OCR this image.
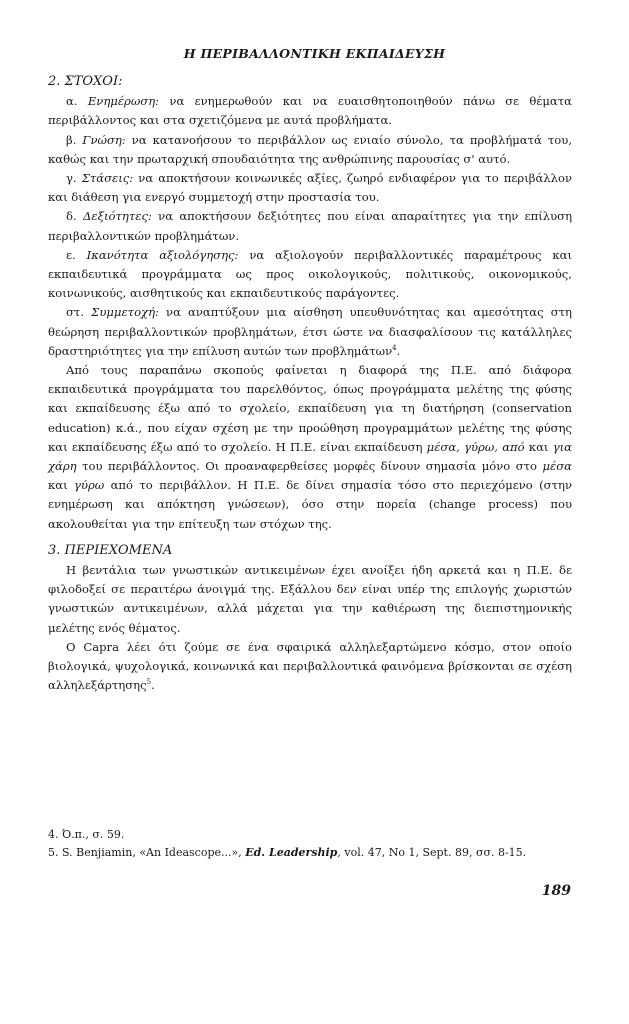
Η ΠΕΡΙΒΑΛΛΟΝΤΙΚΗ ΕΚΠΑΙΔΕΥΣΗ
2. ΣΤΟΧΟΙ:

α. Ενημέρωση: να ενημερωθούν και να ευαισθητοποιηθούν πάνω σε θέματα περιβάλλοντος και στα σχετιζόμενα με αυτά προβλήματα.

β. Γνώση: να κατανοήσουν το περιβάλλον ως ενιαίο σύνολο, τα προβλήματά του, καθώς και την πρωταρχική σπουδαιότητα της ανθρώπινης παρουσίας σ' αυτό.

γ. Στάσεις: να αποκτήσουν κοινωνικές αξίες, ζωηρό ενδιαφέρον για το περιβάλλον και διάθεση για ενεργό συμμετοχή στην προστασία του.

δ. Δεξιότητες: να αποκτήσουν δεξιότητες που είναι απαραίτητες για την επίλυση περιβαλλοντικών προβλημάτων.

ε. Ικανότητα αξιολόγησης: να αξιολογούν περιβαλλοντικές παραμέτρους και εκπαιδευτικά προγράμματα ως προς οικολογικούς, πολιτικούς, οικονομικούς, κοινωνικούς, αισθητικούς και εκπαιδευτικούς παράγοντες.

στ. Συμμετοχή: να αναπτύξουν μια αίσθηση υπευθυνότητας και αμεσότητας στη θεώρηση περιβαλλοντικών προβλημάτων, έτσι ώστε να διασφαλίσουν τις κατάλληλες δραστηριότητες για την επίλυση αυτών των προβλημάτων$^4$.

Από τους παραπάνω σκοπούς φαίνεται η διαφορά της Π.Ε. από διάφορα εκπαιδευτικά προγράμματα του παρελθόντος, όπως προγράμματα μελέτης της φύσης και εκπαίδευσης έξω από το σχολείο, εκπαίδευση για τη διατήρηση (conservation education) κ.ά., που είχαν σχέση με την προώθηση προγραμμάτων μελέτης της φύσης και εκπαίδευσης έξω από το σχολείο. Η Π.Ε. είναι εκπαίδευση μέσα, γύρω, από και για χάρη του περιβάλλοντος. Οι προαναφερθείσες μορφές δίνουν σημασία μόνο στο μέσα και γύρω από το περιβάλλον. Η Π.Ε. δε δίνει σημασία τόσο στο περιεχόμενο (στην ενημέρωση και απόκτηση γνώσεων), όσο στην πορεία (change process) που ακολουθείται για την επίτευξη των στόχων της.

3. ΠΕΡΙΕΧΟΜΕΝΑ

Η βεντάλια των γνωστικών αντικειμένων έχει ανοίξει ήδη αρκετά και η Π.Ε. δε φιλοδοξεί σε περαιτέρω άνοιγμά της. Εξάλλου δεν είναι υπέρ της επιλογής χωριστών γνωστικών αντικειμένων, αλλά μάχεται για την καθιέρωση της διεπιστημονικής μελέτης ενός θέματος.

Ο Capra λέει ότι ζούμε σε ένα σφαιρικά αλληλεξαρτώμενο κόσμο, στον οποίο βιολογικά, ψυχολογικά, κοινωνικά και περιβαλλοντικά φαινόμενα βρίσκονται σε σχέση αλληλεξάρτησης$^5$.

4. Ό.π., σ. 59.
5. S. Benjiamin, «An Ideascope...», Ed. Leadership, vol. 47, No 1, Sept. 89, σσ. 8-15.
189
